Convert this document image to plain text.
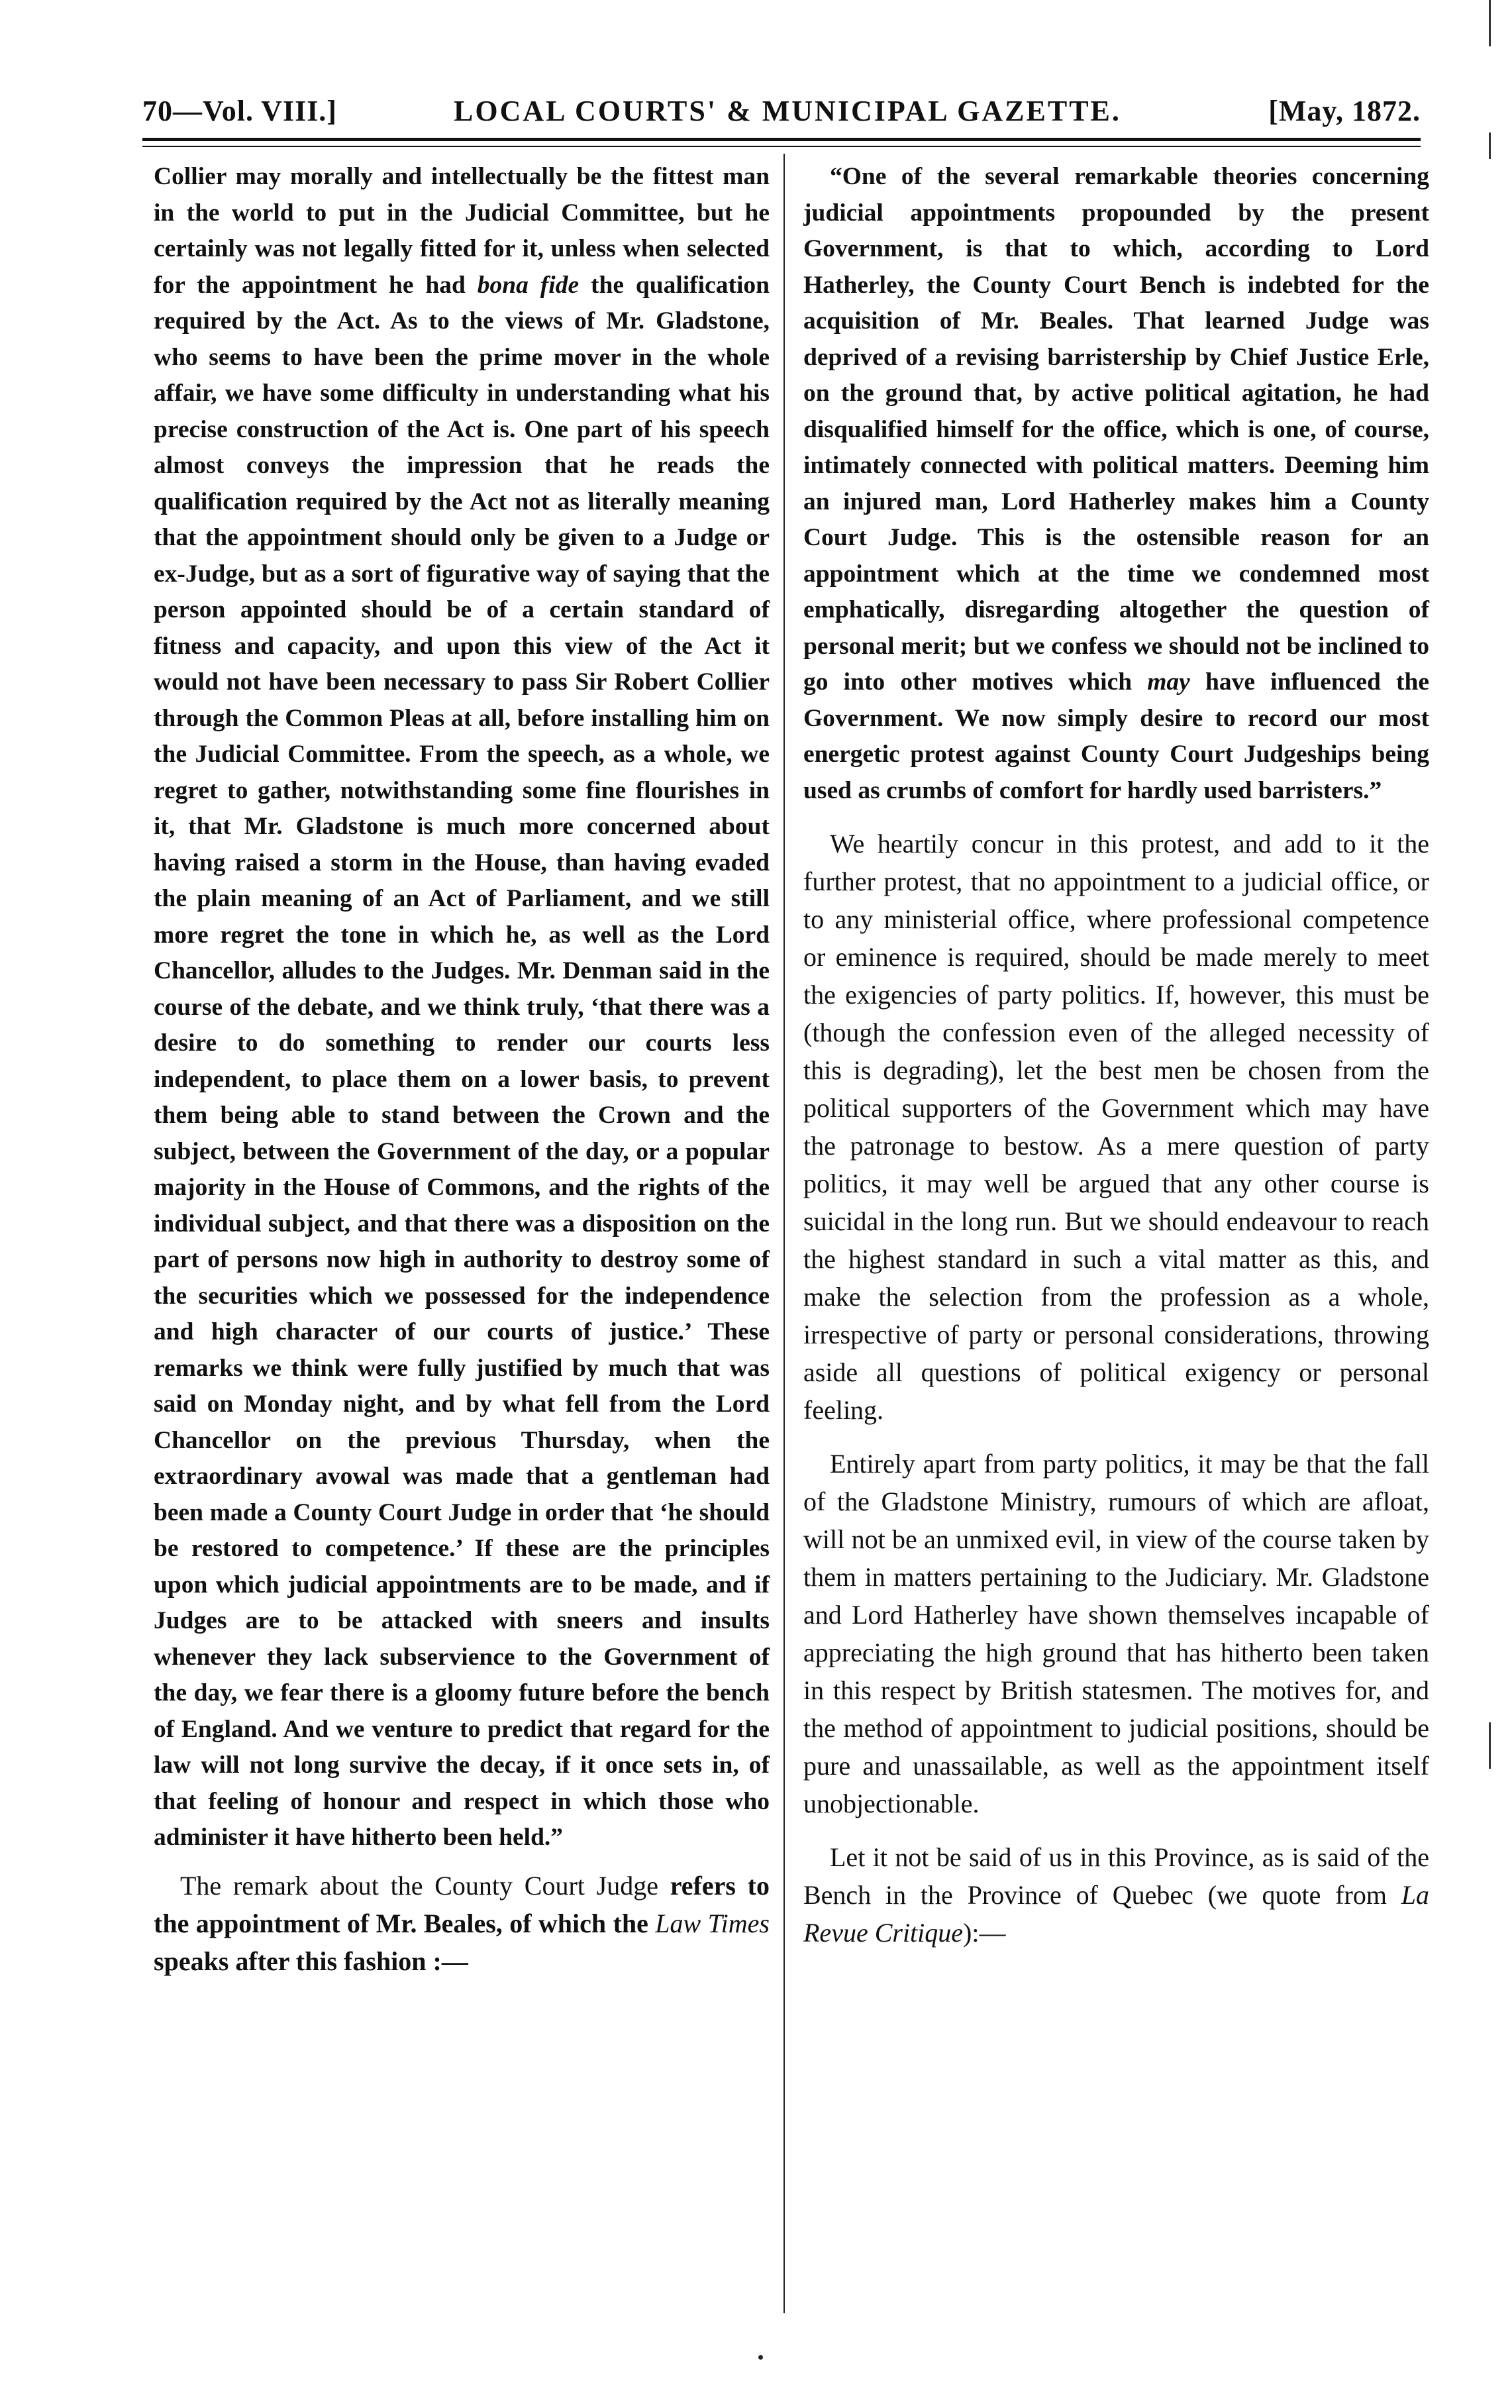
70—Vol. VIII.]	LOCAL COURTS' & MUNICIPAL GAZETTE.	[May, 1872.

Collier may morally and intellectually be the fittest man in the world to put in the Judicial Committee, but he certainly was not legally fitted for it, unless when selected for the appointment he had bona fide the qualification required by the Act. As to the views of Mr. Gladstone, who seems to have been the prime mover in the whole affair, we have some difficulty in understanding what his precise construction of the Act is. One part of his speech almost conveys the impression that he reads the qualification required by the Act not as literally meaning that the appointment should only be given to a Judge or ex-Judge, but as a sort of figurative way of saying that the person appointed should be of a certain standard of fitness and capacity, and upon this view of the Act it would not have been necessary to pass Sir Robert Collier through the Common Pleas at all, before installing him on the Judicial Committee. From the speech, as a whole, we regret to gather, notwithstanding some fine flourishes in it, that Mr. Gladstone is much more concerned about having raised a storm in the House, than having evaded the plain meaning of an Act of Parliament, and we still more regret the tone in which he, as well as the Lord Chancellor, alludes to the Judges. Mr. Denman said in the course of the debate, and we think truly, ‘that there was a desire to do something to render our courts less independent, to place them on a lower basis, to prevent them being able to stand between the Crown and the subject, between the Government of the day, or a popular majority in the House of Commons, and the rights of the individual subject, and that there was a disposition on the part of persons now high in authority to destroy some of the securities which we possessed for the independence and high character of our courts of justice.’ These remarks we think were fully justified by much that was said on Monday night, and by what fell from the Lord Chancellor on the previous Thursday, when the extraordinary avowal was made that a gentleman had been made a County Court Judge in order that ‘he should be restored to competence.’ If these are the principles upon which judicial appointments are to be made, and if Judges are to be attacked with sneers and insults whenever they lack subservience to the Government of the day, we fear there is a gloomy future before the bench of England. And we venture to predict that regard for the law will not long survive the decay, if it once sets in, of that feeling of honour and respect in which those who administer it have hitherto been held.”

The remark about the County Court Judge refers to the appointment of Mr. Beales, of which the Law Times speaks after this fashion :—

“One of the several remarkable theories concerning judicial appointments propounded by the present Government, is that to which, according to Lord Hatherley, the County Court Bench is indebted for the acquisition of Mr. Beales. That learned Judge was deprived of a revising barristership by Chief Justice Erle, on the ground that, by active political agitation, he had disqualified himself for the office, which is one, of course, intimately connected with political matters. Deeming him an injured man, Lord Hatherley makes him a County Court Judge. This is the ostensible reason for an appointment which at the time we condemned most emphatically, disregarding altogether the question of personal merit; but we confess we should not be inclined to go into other motives which may have influenced the Government. We now simply desire to record our most energetic protest against County Court Judgeships being used as crumbs of comfort for hardly used barristers.”

We heartily concur in this protest, and add to it the further protest, that no appointment to a judicial office, or to any ministerial office, where professional competence or eminence is required, should be made merely to meet the exigencies of party politics. If, however, this must be (though the confession even of the alleged necessity of this is degrading), let the best men be chosen from the political supporters of the Government which may have the patronage to bestow. As a mere question of party politics, it may well be argued that any other course is suicidal in the long run. But we should endeavour to reach the highest standard in such a vital matter as this, and make the selection from the profession as a whole, irrespective of party or personal considerations, throwing aside all questions of political exigency or personal feeling.

Entirely apart from party politics, it may be that the fall of the Gladstone Ministry, rumours of which are afloat, will not be an unmixed evil, in view of the course taken by them in matters pertaining to the Judiciary. Mr. Gladstone and Lord Hatherley have shown themselves incapable of appreciating the high ground that has hitherto been taken in this respect by British statesmen. The motives for, and the method of appointment to judicial positions, should be pure and unassailable, as well as the appointment itself unobjectionable.

Let it not be said of us in this Province, as is said of the Bench in the Province of Quebec (we quote from La Revue Critique):—
